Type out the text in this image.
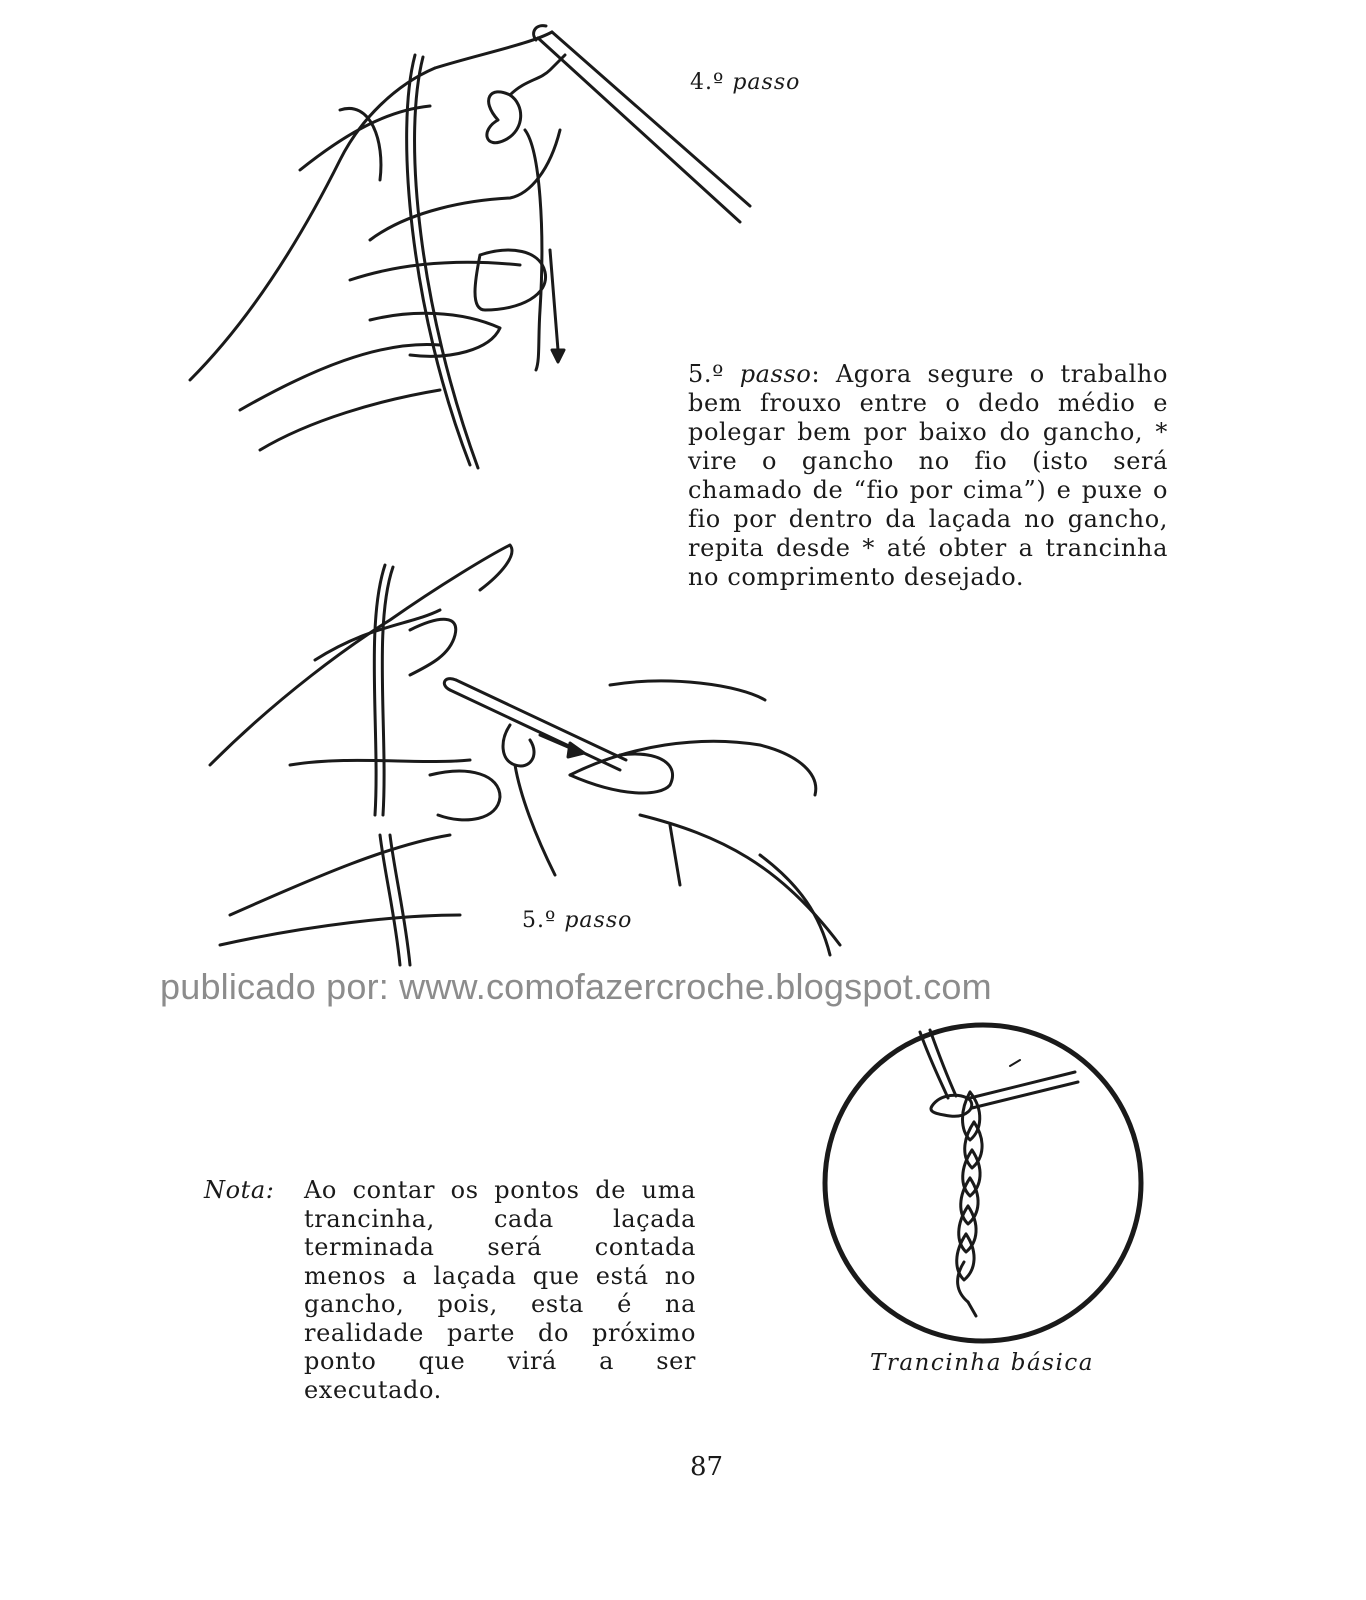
4.º passo
5.º passo: Agora segure o trabalho bem frouxo entre o dedo médio e polegar bem por baixo do gancho, * vire o gancho no fio (isto será chamado de “fio por cima”) e puxe o fio por dentro da laçada no gancho, repita desde * até obter a trancinha no comprimento desejado.
5.º passo
publicado por: www.comofazercroche.blogspot.com
Nota:	Ao contar os pontos de uma trancinha, cada laçada terminada será contada menos a laçada que está no gancho, pois, esta é na realidade parte do próximo ponto que virá a ser executado.
Trancinha básica
87
